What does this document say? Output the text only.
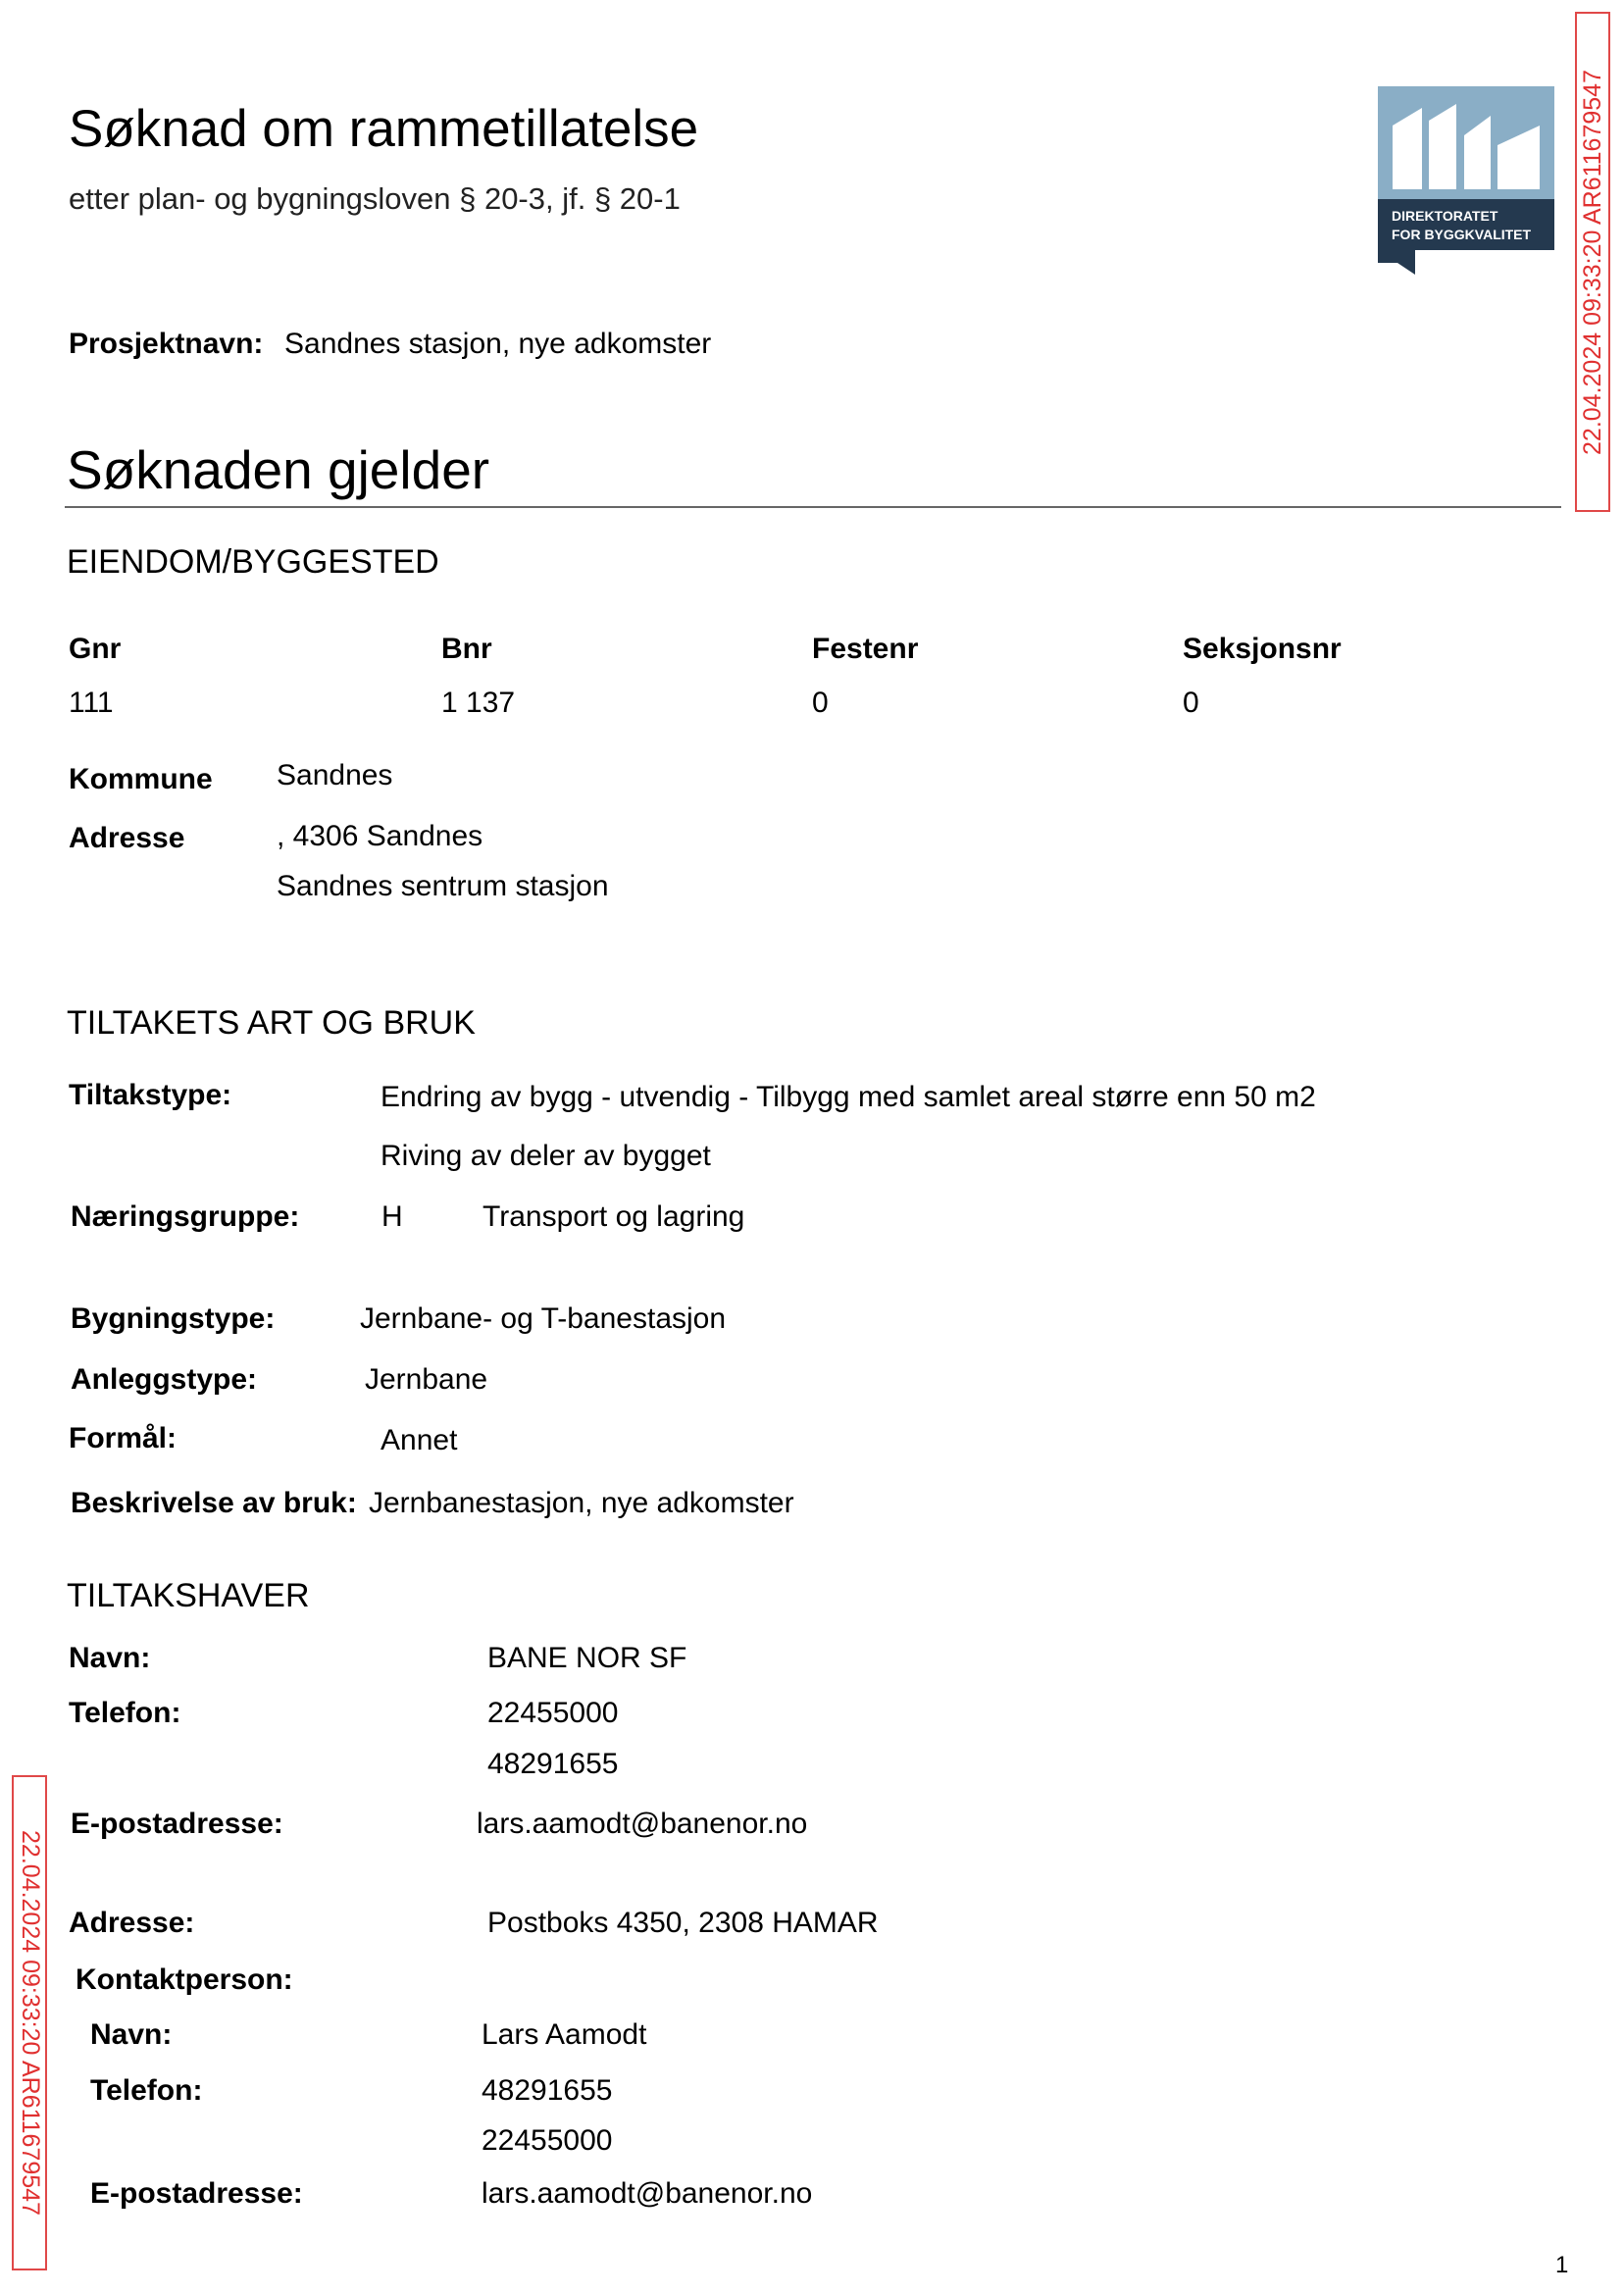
Søknad om rammetillatelse
etter plan- og bygningsloven § 20-3, jf. § 20-1	DIREKTORATET
FOR BYGGKVALITET 22.04.2024 09:33:20 AR611679547
22.04.2024 09:33:20 AR611679547
Prosjektnavn: Sandnes stasjon, nye adkomster
Søknaden gjelder
EIENDOM/BYGGESTED
Gnr	Bnr	Festenr	Seksjonsnr
111	1 137	0	0
Kommune Sandnes
Adresse	, 4306 Sandnes
Sandnes sentrum stasjon
TILTAKETS ART OG BRUK
Tiltakstype:	Endring av bygg - utvendig - Tilbygg med samlet areal større enn 50 m2
Riving av deler av bygget
Næringsgruppe:	H	Transport og lagring
Bygningstype:	Jernbane- og T-banestasjon
Anleggstype:	Jernbane
Formål:	Annet
Beskrivelse av bruk: Jernbanestasjon, nye adkomster
TILTAKSHAVER
Navn:	BANE NOR SF
Telefon:	22455000
48291655
E-postadresse:	lars.aamodt@banenor.no
Adresse:	Postboks 4350, 2308 HAMAR
Kontaktperson:
Navn:	Lars Aamodt
Telefon:	48291655
22455000
E-postadresse:	lars.aamodt@banenor.no
1
